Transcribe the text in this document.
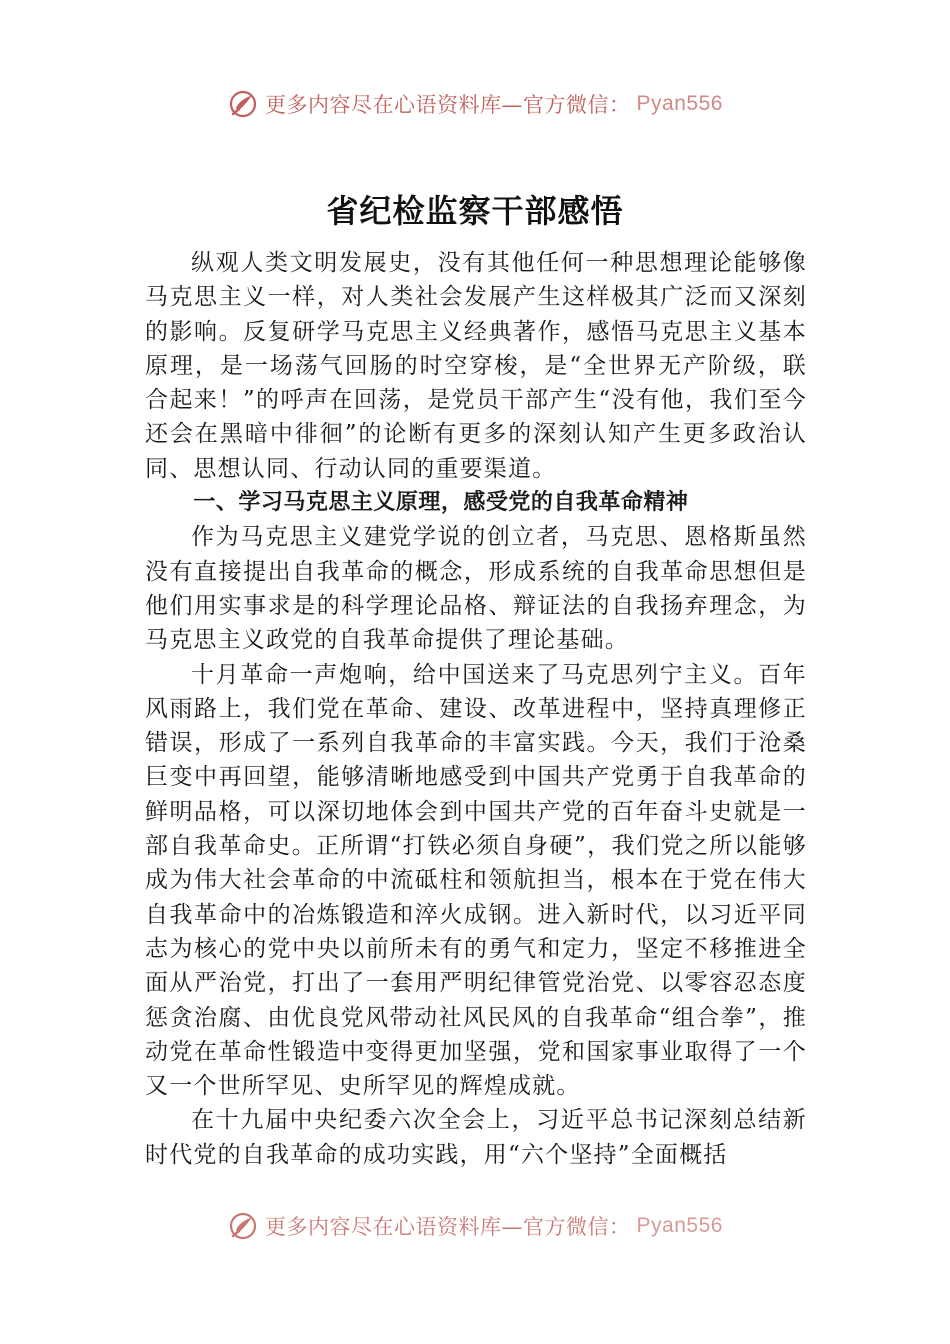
更多内容尽在心语资料库—官方微信： Pyan556
省纪检监察干部感悟

纵观人类文明发展史，没有其他任何一种思想理论能够像马克思主义一样，对人类社会发展产生这样极其广泛而又深刻的影响。反复研学马克思主义经典著作，感悟马克思主义基本原理，是一场荡气回肠的时空穿梭，是“全世界无产阶级，联合起来！”的呼声在回荡，是党员干部产生“没有他，我们至今还会在黑暗中徘徊”的论断有更多的深刻认知产生更多政治认同、思想认同、行动认同的重要渠道。

一、学习马克思主义原理，感受党的自我革命精神

作为马克思主义建党学说的创立者，马克思、恩格斯虽然没有直接提出自我革命的概念，形成系统的自我革命思想但是他们用实事求是的科学理论品格、辩证法的自我扬弃理念，为马克思主义政党的自我革命提供了理论基础。

十月革命一声炮响，给中国送来了马克思列宁主义。百年风雨路上，我们党在革命、建设、改革进程中，坚持真理修正错误，形成了一系列自我革命的丰富实践。今天，我们于沧桑巨变中再回望，能够清晰地感受到中国共产党勇于自我革命的鲜明品格，可以深切地体会到中国共产党的百年奋斗史就是一部自我革命史。正所谓“打铁必须自身硬”，我们党之所以能够成为伟大社会革命的中流砥柱和领航担当，根本在于党在伟大自我革命中的冶炼锻造和淬火成钢。进入新时代，以习近平同志为核心的党中央以前所未有的勇气和定力，坚定不移推进全面从严治党，打出了一套用严明纪律管党治党、以零容忍态度惩贪治腐、由优良党风带动社风民风的自我革命“组合拳”，推动党在革命性锻造中变得更加坚强，党和国家事业取得了一个又一个世所罕见、史所罕见的辉煌成就。

在十九届中央纪委六次全会上，习近平总书记深刻总结新时代党的自我革命的成功实践，用“六个坚持”全面概括

更多内容尽在心语资料库—官方微信： Pyan556
